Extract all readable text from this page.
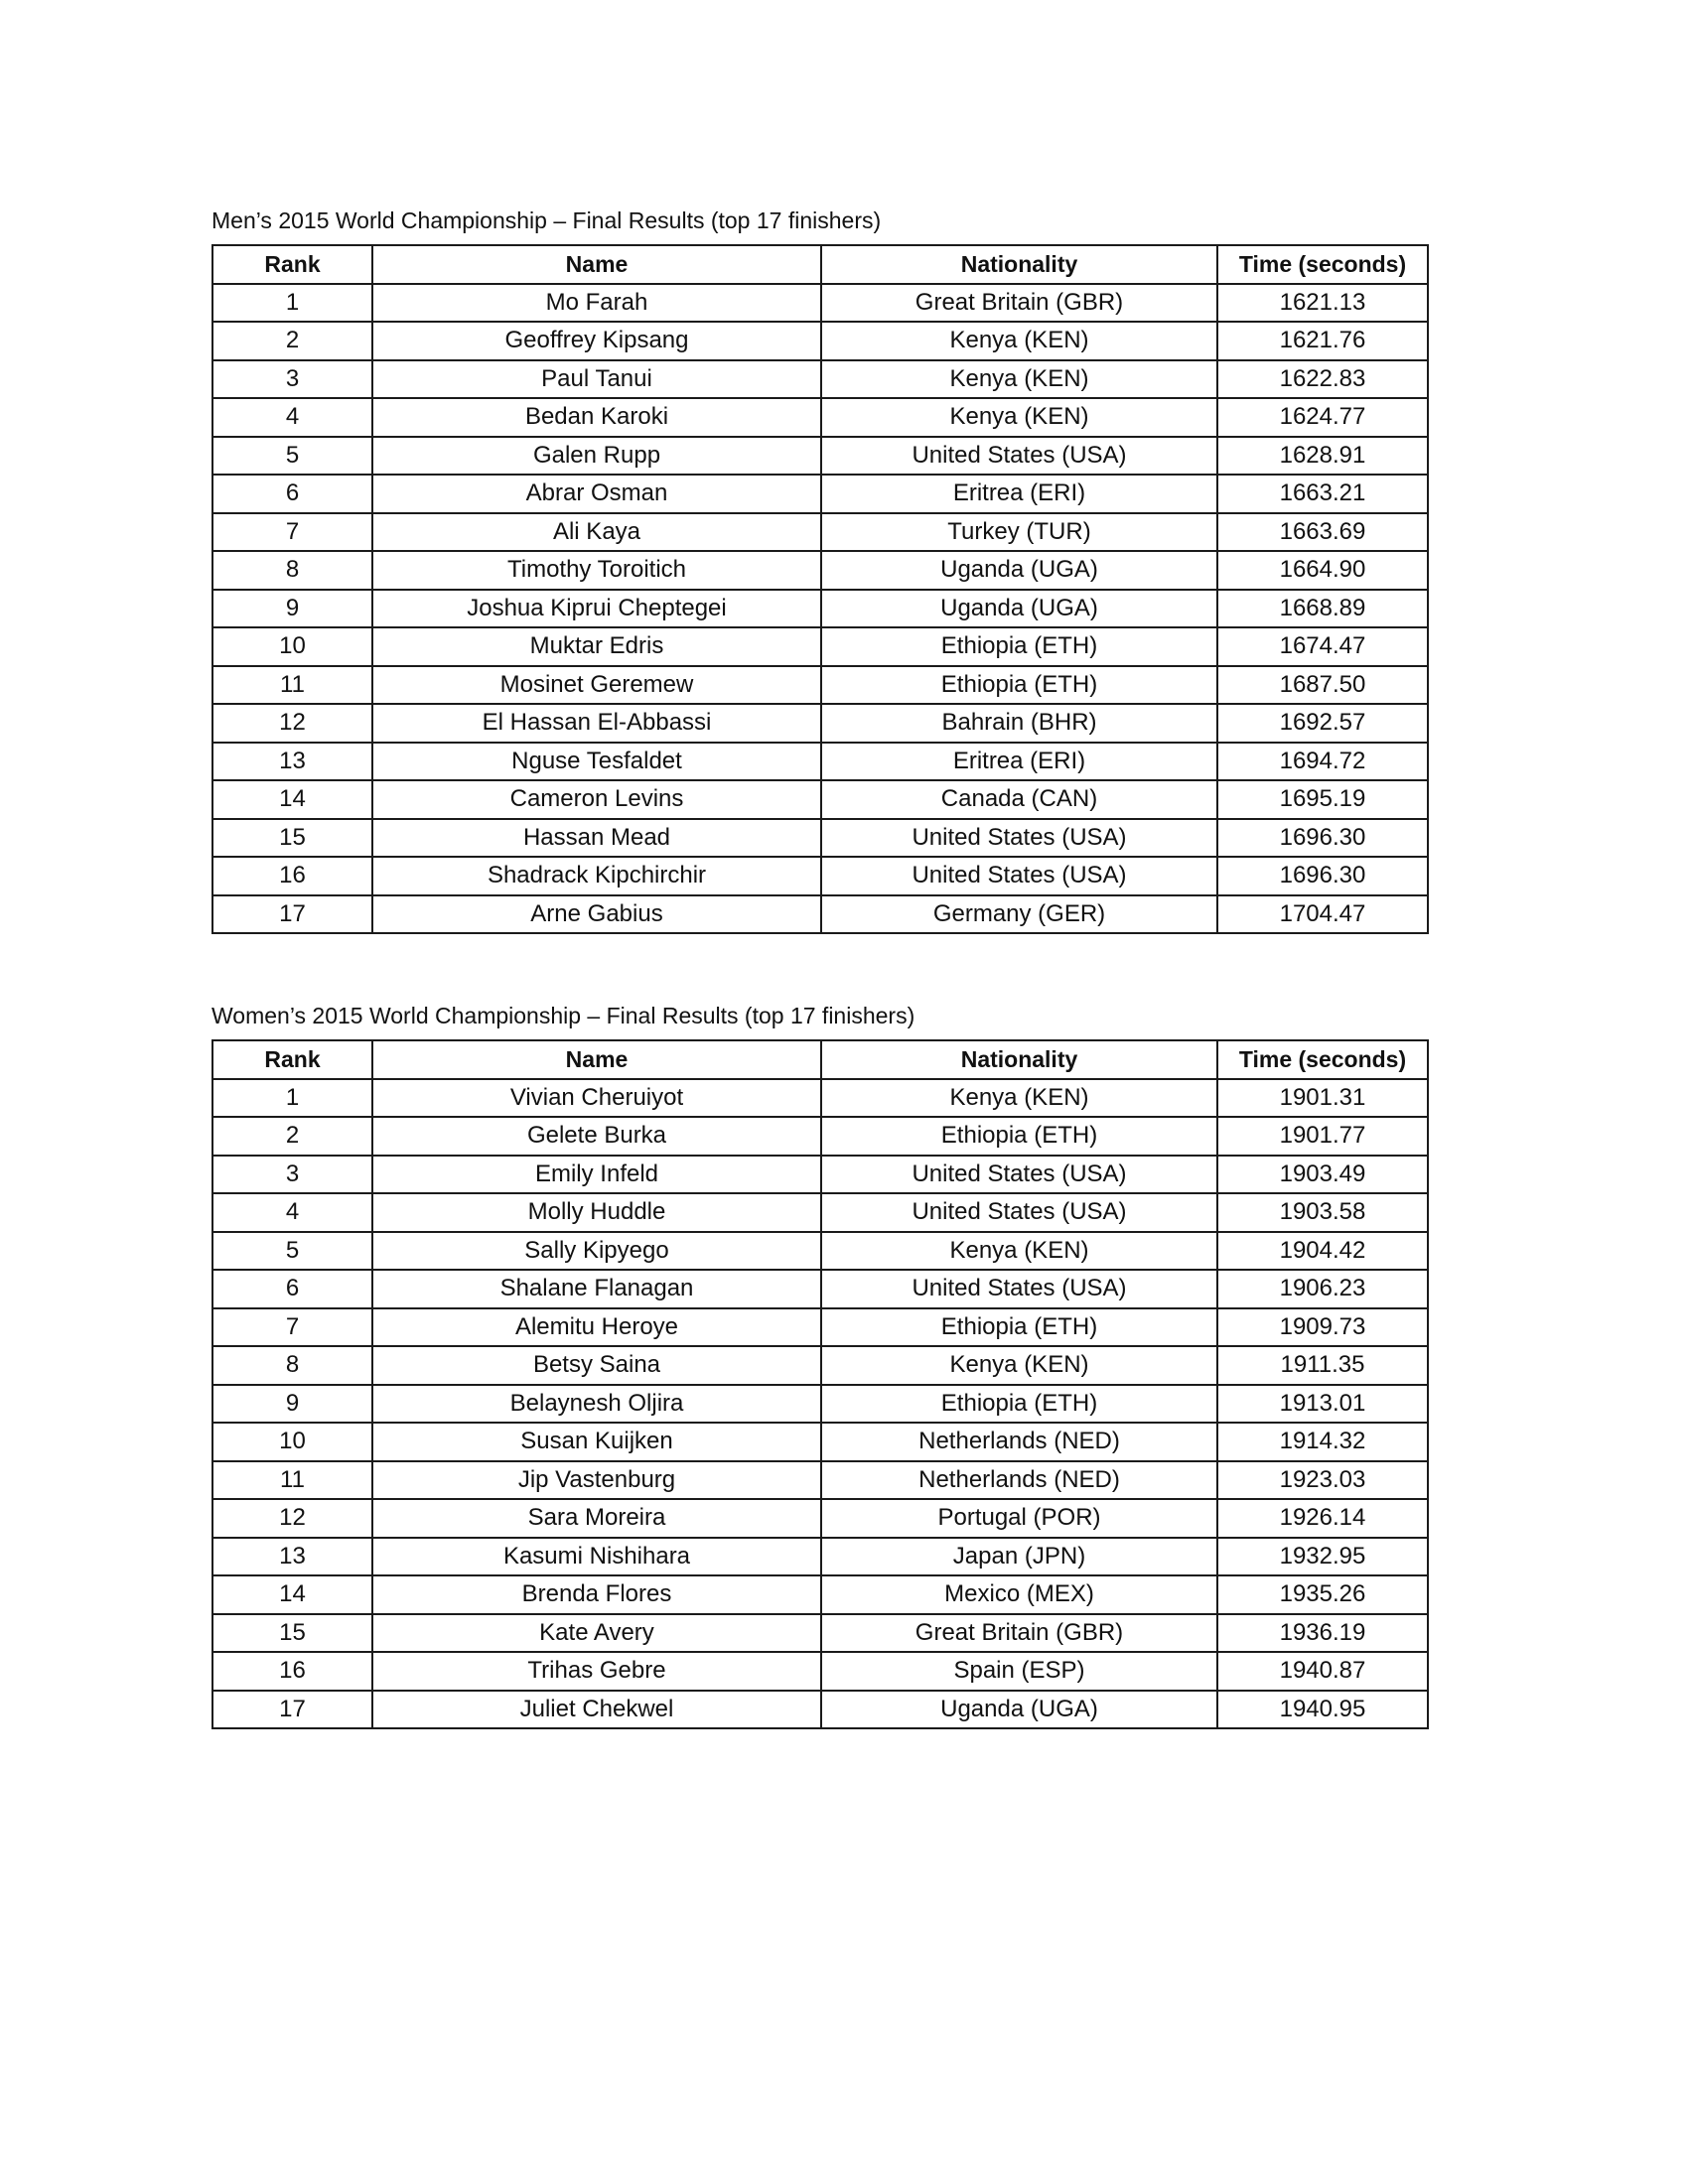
Men’s 2015 World Championship – Final Results (top 17 finishers)
Rank	Name	Nationality	Time (seconds)
1	Mo Farah	Great Britain (GBR)	1621.13
2	Geoffrey Kipsang	Kenya (KEN)	1621.76
3	Paul Tanui	Kenya (KEN)	1622.83
4	Bedan Karoki	Kenya (KEN)	1624.77
5	Galen Rupp	United States (USA)	1628.91
6	Abrar Osman	Eritrea (ERI)	1663.21
7	Ali Kaya	Turkey (TUR)	1663.69
8	Timothy Toroitich	Uganda (UGA)	1664.90
9	Joshua Kiprui Cheptegei	Uganda (UGA)	1668.89
10	Muktar Edris	Ethiopia (ETH)	1674.47
11	Mosinet Geremew	Ethiopia (ETH)	1687.50
12	El Hassan El-Abbassi	Bahrain (BHR)	1692.57
13	Nguse Tesfaldet	Eritrea (ERI)	1694.72
14	Cameron Levins	Canada (CAN)	1695.19
15	Hassan Mead	United States (USA)	1696.30
16	Shadrack Kipchirchir	United States (USA)	1696.30
17	Arne Gabius	Germany (GER)	1704.47
Women’s 2015 World Championship – Final Results (top 17 finishers)
Rank	Name	Nationality	Time (seconds)
1	Vivian Cheruiyot	Kenya (KEN)	1901.31
2	Gelete Burka	Ethiopia (ETH)	1901.77
3	Emily Infeld	United States (USA)	1903.49
4	Molly Huddle	United States (USA)	1903.58
5	Sally Kipyego	Kenya (KEN)	1904.42
6	Shalane Flanagan	United States (USA)	1906.23
7	Alemitu Heroye	Ethiopia (ETH)	1909.73
8	Betsy Saina	Kenya (KEN)	1911.35
9	Belaynesh Oljira	Ethiopia (ETH)	1913.01
10	Susan Kuijken	Netherlands (NED)	1914.32
11	Jip Vastenburg	Netherlands (NED)	1923.03
12	Sara Moreira	Portugal (POR)	1926.14
13	Kasumi Nishihara	Japan (JPN)	1932.95
14	Brenda Flores	Mexico (MEX)	1935.26
15	Kate Avery	Great Britain (GBR)	1936.19
16	Trihas Gebre	Spain (ESP)	1940.87
17	Juliet Chekwel	Uganda (UGA)	1940.95
